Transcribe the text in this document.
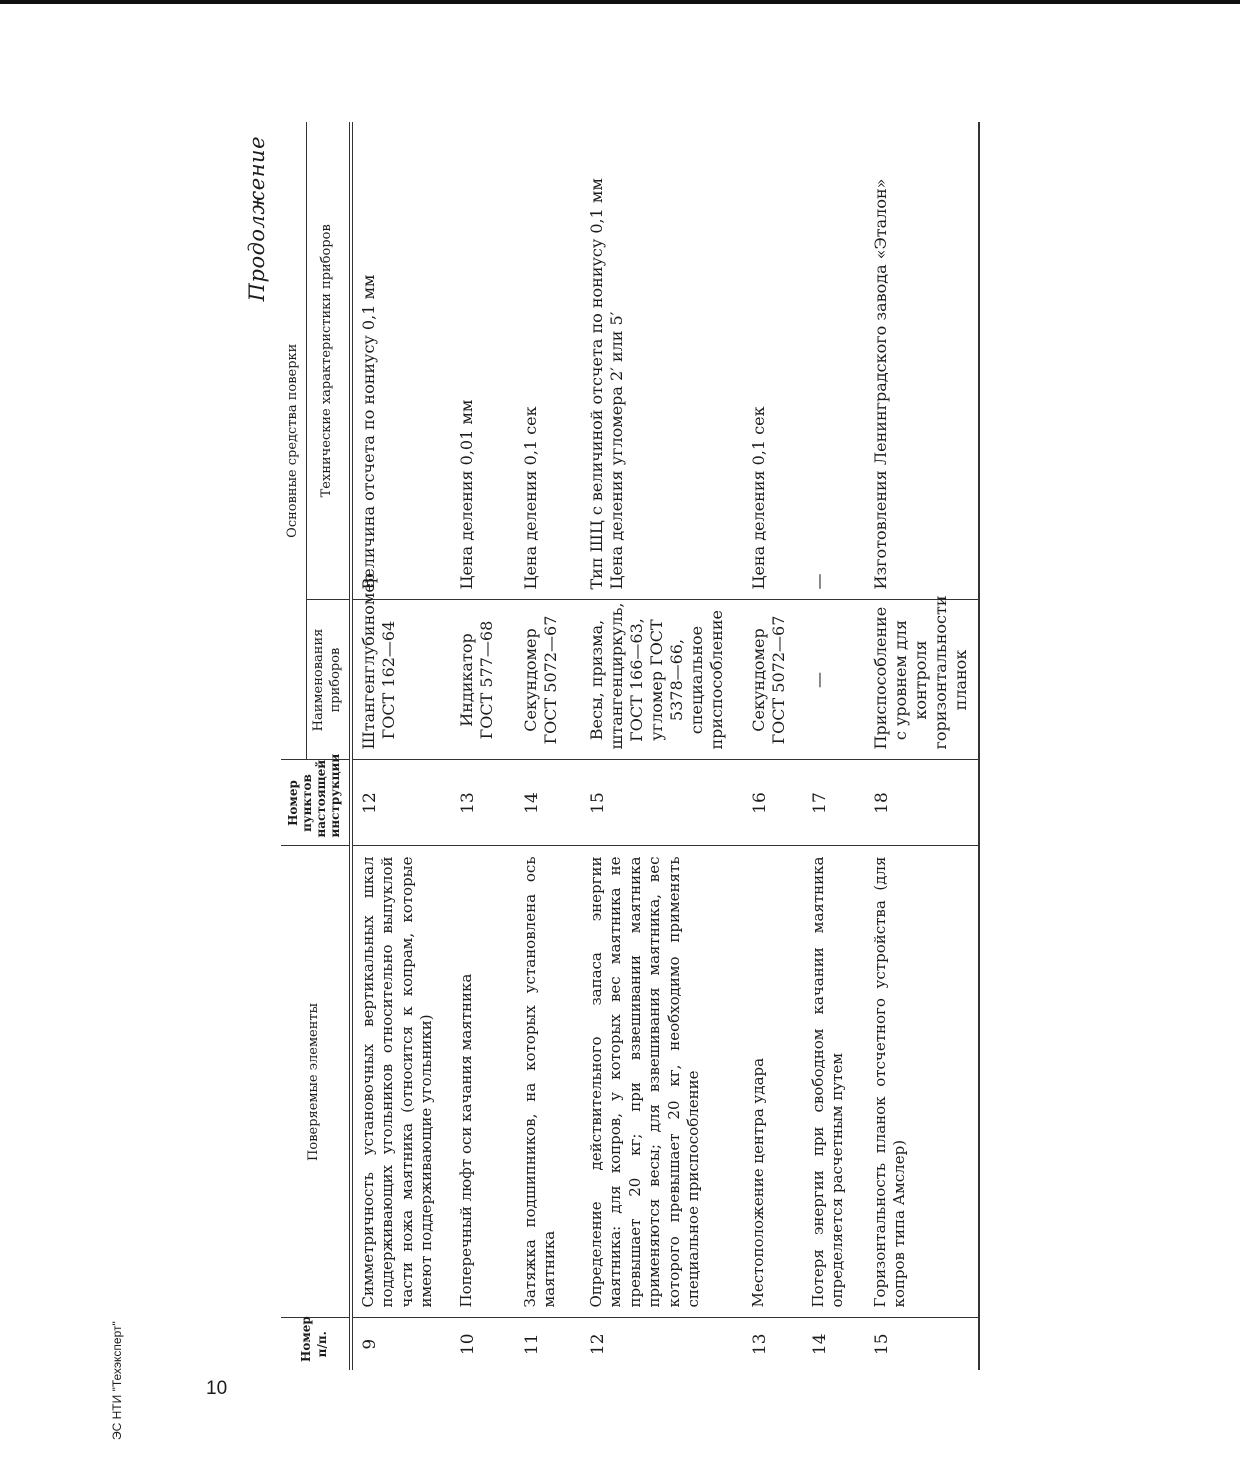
ЭС НТИ "Техэксперт"	10
Продолжение
Номер п/п.	Поверяемые элементы	Номер пунктов настоящей инструкции	Основные средства поверки	
			Наименования приборов	Технические характеристики приборов
9	Симметричность установочных вертикальных шкал поддерживающих угольников относительно выпуклой части ножа маятника (относится к копрам, которые имеют поддерживающие угольники)	12	Штангенглубиномер ГОСТ 162—64	Величина отсчета по нониусу 0,1 мм
10	Поперечный люфт оси качания маятника	13	Индикатор ГОСТ 577—68	Цена деления 0,01 мм
11	Затяжка подшипников, на которых установлена ось маятника	14	Секундомер ГОСТ 5072—67	Цена деления 0,1 сек
12	Определение действительного запаса энергии маятника: для копров, у которых вес маятника не превышает 20 кг; при взвешивании маятника применяются весы; для взвешивания маятника, вес которого превышает 20 кг, необходимо применять специальное приспособление	15	Весы, призма, штангенциркуль, ГОСТ 166—63, угломер ГОСТ 5378—66, специальное приспособление	Тип ШЦ с величиной отсчета по нониусу 0,1 мм Цена деления угломера 2′ или 5′
13	Местоположение центра удара	16	Секундомер ГОСТ 5072—67	Цена деления 0,1 сек
14	Потеря энергии при свободном качании маятника определяется расчетным путем	17	—	—
15	Горизонтальность планок отсчетного устройства (для копров типа Амслер)	18	Приспособление с уровнем для контроля горизонтальности планок	Изготовления Ленинградского завода «Эталон»
